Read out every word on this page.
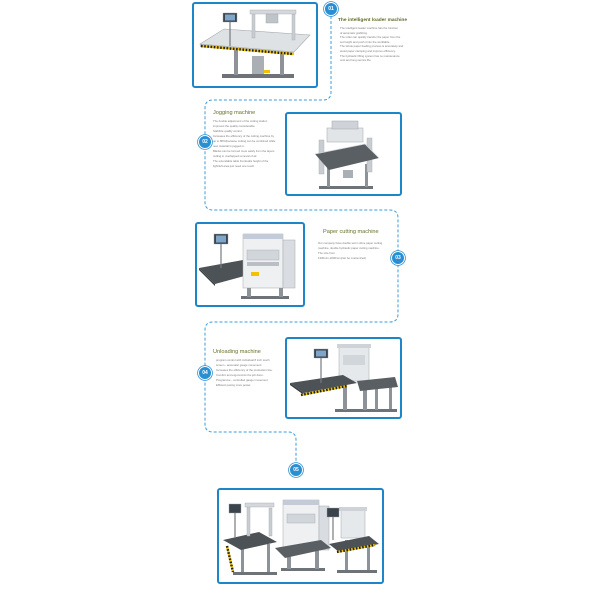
01
The intelligent loader machine
The intelligent loader machine has the function
of automatic grabbing.
The roller can quickly transfer the paper from the
set height and push it into the worktable.
The whole paper feeding process is accurately and
avoid paper clamping and improve efficiency.
The hydraulic lifting system has no maintenance
cost and long service life.
02
Jogging machine
The double adjustment of the cutting station
improves the quality considerable.
Stabilize quality control.
Increases the efficiency of the cutting machine by
up to 80%(because cutting can be combined while
new material is jogged in.
Blanks can be formed more easily from the layers
cutting in overlapped removal of air.
The extendable table frontrealis height of the
light/left area just need one touch.
Paper cutting machine
Our company have double worm drive paper cutting
machine, double hydraulic paper cutting machine.
The size from
1300mm-2200mm(can be customized)	03
04
Unloading machine
program control with individual 8 inch touch
screen - automatic gauge movement
Increases the efficiency of the production line.
Comfort and ergonomics the job done.
Programme - controlled gauge movement.
Efficient paving more power.
05
